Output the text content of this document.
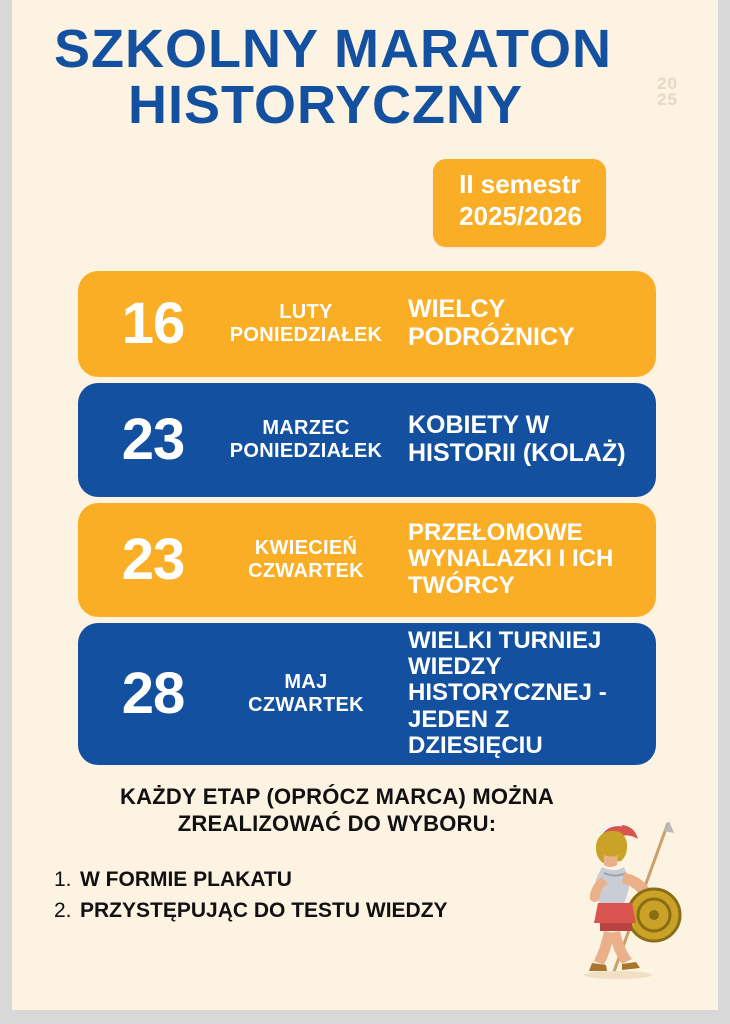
SZKOLNY MARATON
HISTORYCZNY	20
25
II semestr
2025/2026
16	LUTY
PONIEDZIAŁEK
WIELCY PODRÓŻNICY
23	MARZEC
PONIEDZIAŁEK
KOBIETY W HISTORII (KOLAŻ)
23	KWIECIEŃ
CZWARTEK
PRZEŁOMOWE WYNALAZKI I ICH TWÓRCY
28	MAJ
CZWARTEK
WIELKI TURNIEJ WIEDZY HISTORYCZNEJ - JEDEN Z DZIESIĘCIU
KAŻDY ETAP (OPRÓCZ MARCA) MOŻNA
ZREALIZOWAĆ DO WYBORU:
1. W FORMIE PLAKATU
2. PRZYSTĘPUJĄC DO TESTU WIEDZY
